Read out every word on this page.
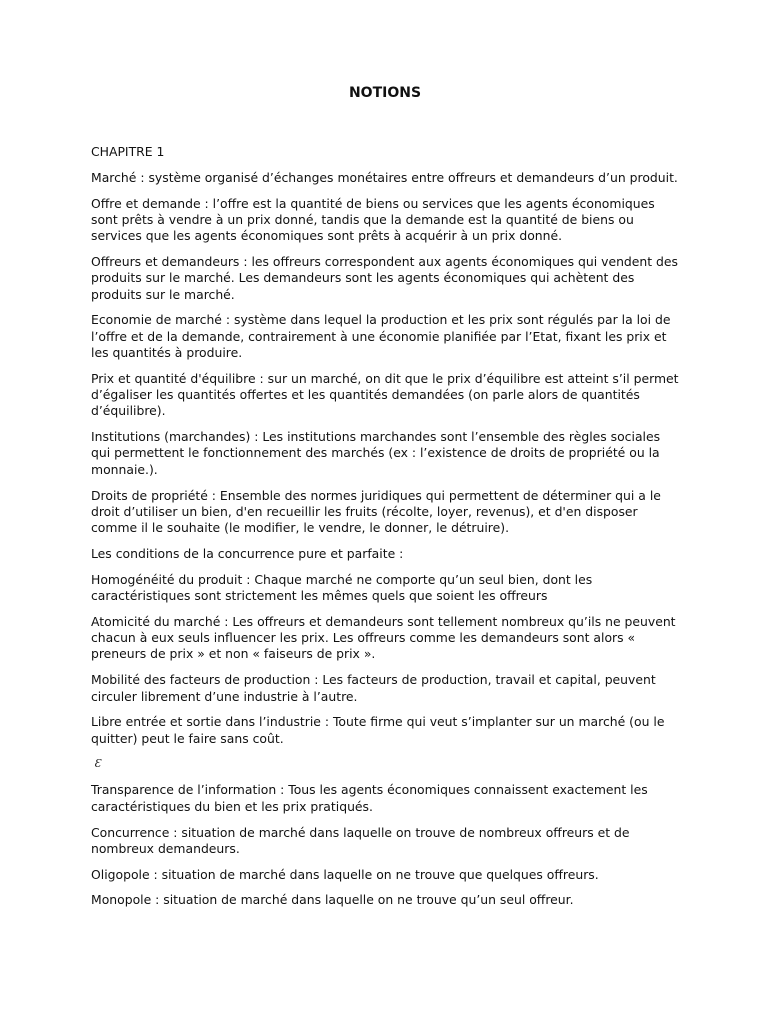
NOTIONS
CHAPITRE 1

Marché : système organisé d’échanges monétaires entre offreurs et demandeurs d’un produit.

Offre et demande : l’offre est la quantité de biens ou services que les agents économiques sont prêts à vendre à un prix donné, tandis que la demande est la quantité de biens ou services que les agents économiques sont prêts à acquérir à un prix donné.

Offreurs et demandeurs : les offreurs correspondent aux agents économiques qui vendent des produits sur le marché. Les demandeurs sont les agents économiques qui achètent des produits sur le marché.

Economie de marché : système dans lequel la production et les prix sont régulés par la loi de l’offre et de la demande, contrairement à une économie planifiée par l’Etat, fixant les prix et les quantités à produire.

Prix et quantité d'équilibre : sur un marché, on dit que le prix d’équilibre est atteint s’il permet d’égaliser les quantités offertes et les quantités demandées (on parle alors de quantités d’équilibre).

Institutions (marchandes) : Les institutions marchandes sont l’ensemble des règles sociales qui permettent le fonctionnement des marchés (ex : l’existence de droits de propriété ou la monnaie.).

Droits de propriété : Ensemble des normes juridiques qui permettent de déterminer qui a le droit d’utiliser un bien, d'en recueillir les fruits (récolte, loyer, revenus), et d'en disposer comme il le souhaite (le modifier, le vendre, le donner, le détruire).

Les conditions de la concurrence pure et parfaite :

Homogénéité du produit : Chaque marché ne comporte qu’un seul bien, dont les caractéristiques sont strictement les mêmes quels que soient les offreurs

Atomicité du marché : Les offreurs et demandeurs sont tellement nombreux qu’ils ne peuvent chacun à eux seuls influencer les prix. Les offreurs comme les demandeurs sont alors « preneurs de prix » et non « faiseurs de prix ».

Mobilité des facteurs de production : Les facteurs de production, travail et capital, peuvent circuler librement d’une industrie à l’autre.

Libre entrée et sortie dans l’industrie : Toute firme qui veut s’implanter sur un marché (ou le quitter) peut le faire sans coût.

Ɛ

Transparence de l’information : Tous les agents économiques connaissent exactement les caractéristiques du bien et les prix pratiqués.

Concurrence : situation de marché dans laquelle on trouve de nombreux offreurs et de nombreux demandeurs.

Oligopole : situation de marché dans laquelle on ne trouve que quelques offreurs.

Monopole : situation de marché dans laquelle on ne trouve qu’un seul offreur.
